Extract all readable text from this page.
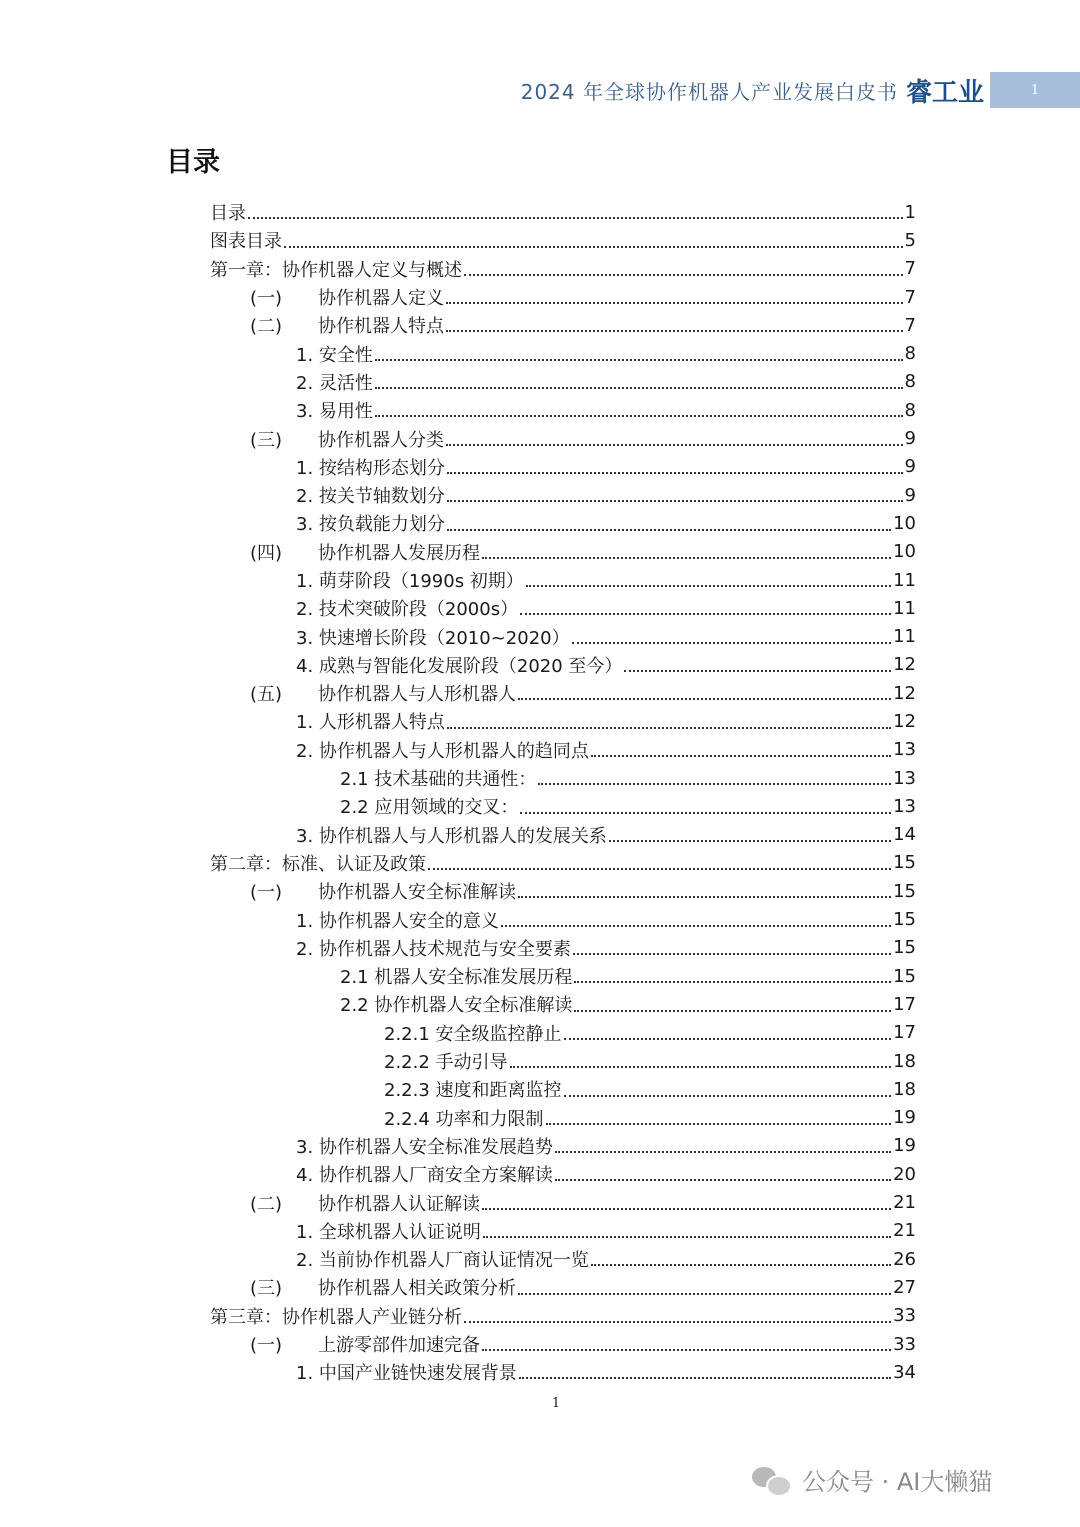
2024 年全球协作机器人产业发展白皮书 睿工业	1
目录
目录	1
图表目录	5
第一章：协作机器人定义与概述	7
(一)	协作机器人定义	7
(二)	协作机器人特点	7
1. 安全性	8
2. 灵活性	8
3. 易用性	8
(三)	协作机器人分类	9
1. 按结构形态划分	9
2. 按关节轴数划分	9
3. 按负载能力划分	10
(四)	协作机器人发展历程	10
1. 萌芽阶段（1990s 初期）	11
2. 技术突破阶段（2000s）	11
3. 快速增长阶段（2010~2020）	11
4. 成熟与智能化发展阶段（2020 至今）	12
(五)	协作机器人与人形机器人	12
1. 人形机器人特点	12
2. 协作机器人与人形机器人的趋同点	13
2.1 技术基础的共通性：	13
2.2 应用领域的交叉：	13
3. 协作机器人与人形机器人的发展关系	14
第二章：标准、认证及政策	15
(一)	协作机器人安全标准解读	15
1. 协作机器人安全的意义	15
2. 协作机器人技术规范与安全要素	15
2.1 机器人安全标准发展历程	15
2.2 协作机器人安全标准解读	17
2.2.1 安全级监控静止	17
2.2.2 手动引导	18
2.2.3 速度和距离监控	18
2.2.4 功率和力限制	19
3. 协作机器人安全标准发展趋势	19
4. 协作机器人厂商安全方案解读	20
(二)	协作机器人认证解读	21
1. 全球机器人认证说明	21
2. 当前协作机器人厂商认证情况一览	26
(三)	协作机器人相关政策分析	27
第三章：协作机器人产业链分析	33
(一)	上游零部件加速完备	33
1. 中国产业链快速发展背景	34
1
公众号 · AI大懒猫
